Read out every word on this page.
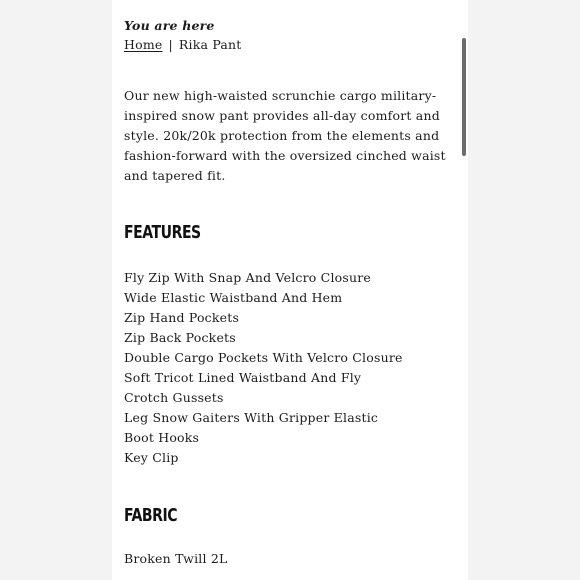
You are here
Home | Rika Pant

Our new high-waisted scrunchie cargo military-inspired snow pant provides all-day comfort and style. 20k/20k protection from the elements and fashion-forward with the oversized cinched waist and tapered fit.

FEATURES
Fly Zip With Snap And Velcro Closure
Wide Elastic Waistband And Hem
Zip Hand Pockets
Zip Back Pockets
Double Cargo Pockets With Velcro Closure
Soft Tricot Lined Waistband And Fly
Crotch Gussets
Leg Snow Gaiters With Gripper Elastic
Boot Hooks
Key Clip
FABRIC
Broken Twill 2L
